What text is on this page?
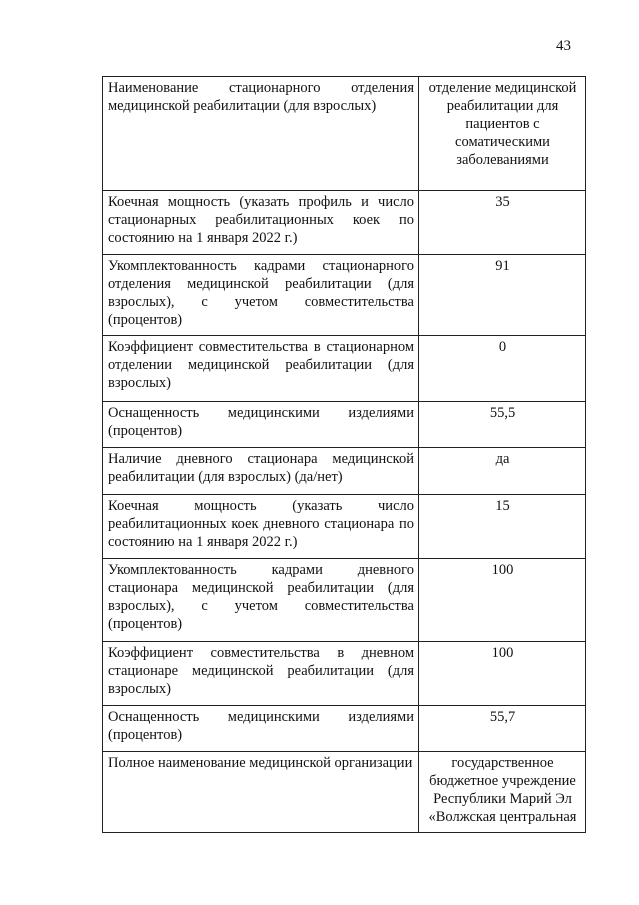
43
Наименование стационарного отделения медицинской реабилитации (для взрослых)	отделение медицинской реабилитации для пациентов с соматическими заболеваниями
Коечная мощность (указать профиль и число стационарных реабилитационных коек по состоянию на 1 января 2022 г.)	35
Укомплектованность кадрами стационарного отделения медицинской реабилитации (для взрослых), с учетом совместительства (процентов)	91
Коэффициент совместительства в стационарном отделении медицинской реабилитации (для взрослых)	0
Оснащенность медицинскими изделиями (процентов)	55,5
Наличие дневного стационара медицинской реабилитации (для взрослых) (да/нет)	да
Коечная мощность (указать число реабилитационных коек дневного стационара по состоянию на 1 января 2022 г.)	15
Укомплектованность кадрами дневного стационара медицинской реабилитации (для взрослых), с учетом совместительства (процентов)	100
Коэффициент совместительства в дневном стационаре медицинской реабилитации (для взрослых)	100
Оснащенность медицинскими изделиями (процентов)	55,7
Полное наименование медицинской организации	государственное бюджетное учреждение Республики Марий Эл «Волжская центральная
